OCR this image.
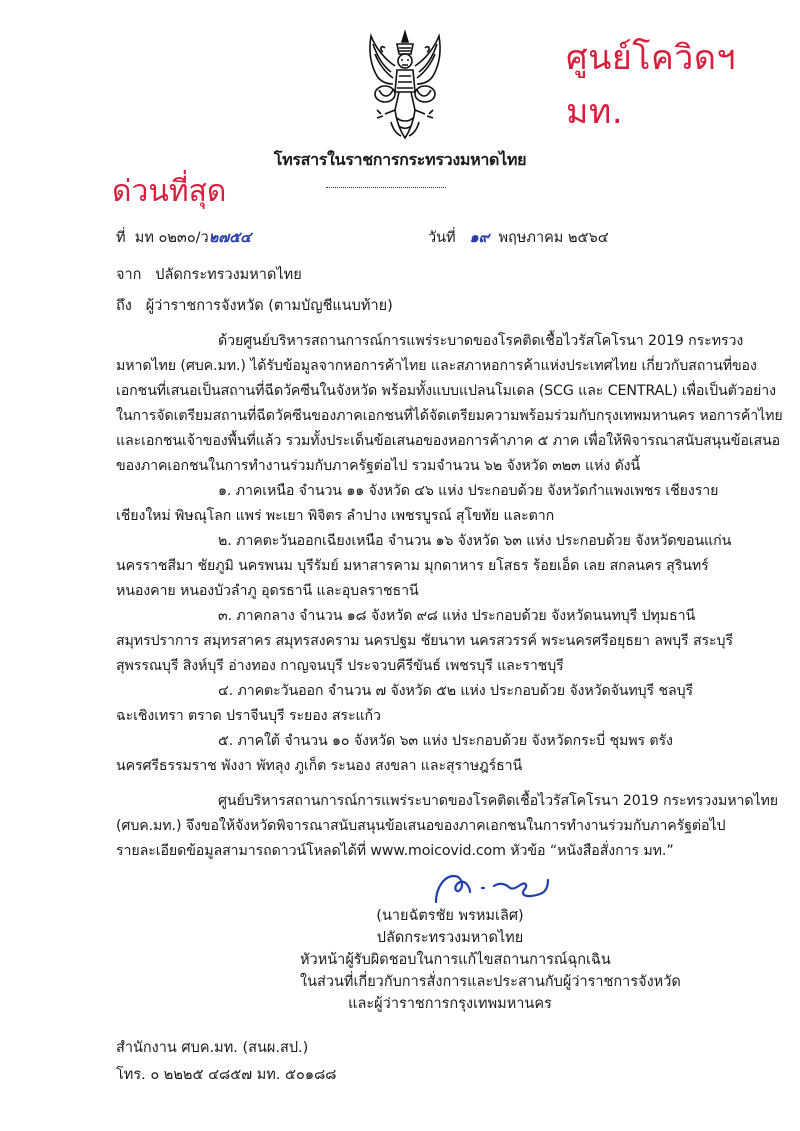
ศูนย์โควิดฯ มท.
โทรสารในราชการกระทรวงมหาดไทย
ด่วนที่สุด
ที่ มท ๐๒๓๐/ว๒๗๕๔	วันที่ ๑๙ พฤษภาคม ๒๕๖๔
จาก ปลัดกระทรวงมหาดไทย
ถึง ผู้ว่าราชการจังหวัด (ตามบัญชีแนบท้าย)
ด้วยศูนย์บริหารสถานการณ์การแพร่ระบาดของโรคติดเชื้อไวรัสโคโรนา 2019 กระทรวง
มหาดไทย (ศบค.มท.) ได้รับข้อมูลจากหอการค้าไทย และสภาหอการค้าแห่งประเทศไทย เกี่ยวกับสถานที่ของ
เอกชนที่เสนอเป็นสถานที่ฉีดวัคซีนในจังหวัด พร้อมทั้งแบบแปลนโมเดล (SCG และ CENTRAL) เพื่อเป็นตัวอย่าง
ในการจัดเตรียมสถานที่ฉีดวัคซีนของภาคเอกชนที่ได้จัดเตรียมความพร้อมร่วมกับกรุงเทพมหานคร หอการค้าไทย
และเอกชนเจ้าของพื้นที่แล้ว รวมทั้งประเด็นข้อเสนอของหอการค้าภาค ๕ ภาค เพื่อให้พิจารณาสนับสนุนข้อเสนอ
ของภาคเอกชนในการทำงานร่วมกับภาครัฐต่อไป รวมจำนวน ๖๒ จังหวัด ๓๒๓ แห่ง ดังนี้
๑. ภาคเหนือ จำนวน ๑๑ จังหวัด ๔๖ แห่ง ประกอบด้วย จังหวัดกำแพงเพชร เชียงราย
เชียงใหม่ พิษณุโลก แพร่ พะเยา พิจิตร ลำปาง เพชรบูรณ์ สุโขทัย และตาก
๒. ภาคตะวันออกเฉียงเหนือ จำนวน ๑๖ จังหวัด ๖๓ แห่ง ประกอบด้วย จังหวัดขอนแก่น
นครราชสีมา ชัยภูมิ นครพนม บุรีรัมย์ มหาสารคาม มุกดาหาร ยโสธร ร้อยเอ็ด เลย สกลนคร สุรินทร์
หนองคาย หนองบัวลำภู อุดรธานี และอุบลราชธานี
๓. ภาคกลาง จำนวน ๑๘ จังหวัด ๙๘ แห่ง ประกอบด้วย จังหวัดนนทบุรี ปทุมธานี
สมุทรปราการ สมุทรสาคร สมุทรสงคราม นครปฐม ชัยนาท นครสวรรค์ พระนครศรีอยุธยา ลพบุรี สระบุรี
สุพรรณบุรี สิงห์บุรี อ่างทอง กาญจนบุรี ประจวบคีรีขันธ์ เพชรบุรี และราชบุรี
๔. ภาคตะวันออก จำนวน ๗ จังหวัด ๕๒ แห่ง ประกอบด้วย จังหวัดจันทบุรี ชลบุรี
ฉะเชิงเทรา ตราด ปราจีนบุรี ระยอง สระแก้ว
๕. ภาคใต้ จำนวน ๑๐ จังหวัด ๖๓ แห่ง ประกอบด้วย จังหวัดกระบี่ ชุมพร ตรัง
นครศรีธรรมราช พังงา พัทลุง ภูเก็ต ระนอง สงขลา และสุราษฎร์ธานี
ศูนย์บริหารสถานการณ์การแพร่ระบาดของโรคติดเชื้อไวรัสโคโรนา 2019 กระทรวงมหาดไทย
(ศบค.มท.) จึงขอให้จังหวัดพิจารณาสนับสนุนข้อเสนอของภาคเอกชนในการทำงานร่วมกับภาครัฐต่อไป
รายละเอียดข้อมูลสามารถดาวน์โหลดได้ที่ www.moicovid.com หัวข้อ “หนังสือสั่งการ มท.”
(นายฉัตรชัย พรหมเลิศ)
ปลัดกระทรวงมหาดไทย
หัวหน้าผู้รับผิดชอบในการแก้ไขสถานการณ์ฉุกเฉิน
ในส่วนที่เกี่ยวกับการสั่งการและประสานกับผู้ว่าราชการจังหวัด
และผู้ว่าราชการกรุงเทพมหานคร
สำนักงาน ศบค.มท. (สนผ.สป.)
โทร. ๐ ๒๒๒๕ ๔๘๕๗ มท. ๕๐๑๘๘
